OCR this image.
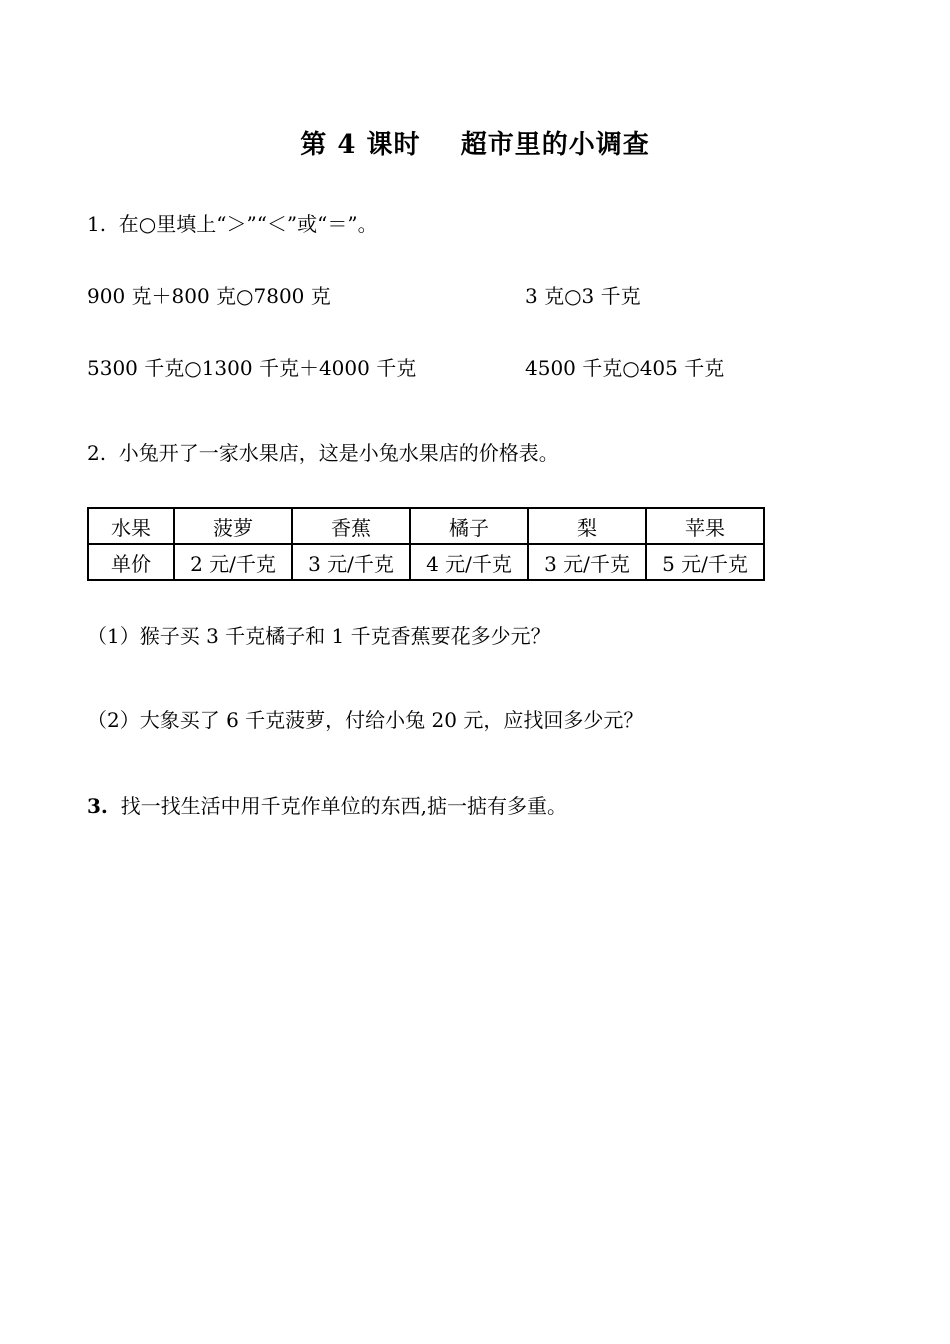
第 4 课时    超市里的小调查
1.  在○里填上“＞”“＜”或“＝”。
900 克＋800 克○7800 克	3 克○3 千克
5300 千克○1300 千克＋4000 千克	4500 千克○405 千克
2.  小兔开了一家水果店，这是小兔水果店的价格表。
水果	菠萝	香蕉	橘子	梨	苹果
单价	2 元/千克	3 元/千克	4 元/千克	3 元/千克	5 元/千克
（1）猴子买 3 千克橘子和 1 千克香蕉要花多少元？
（2）大象买了 6 千克菠萝，付给小兔 20 元，应找回多少元？
3.  找一找生活中用千克作单位的东西,掂一掂有多重。
